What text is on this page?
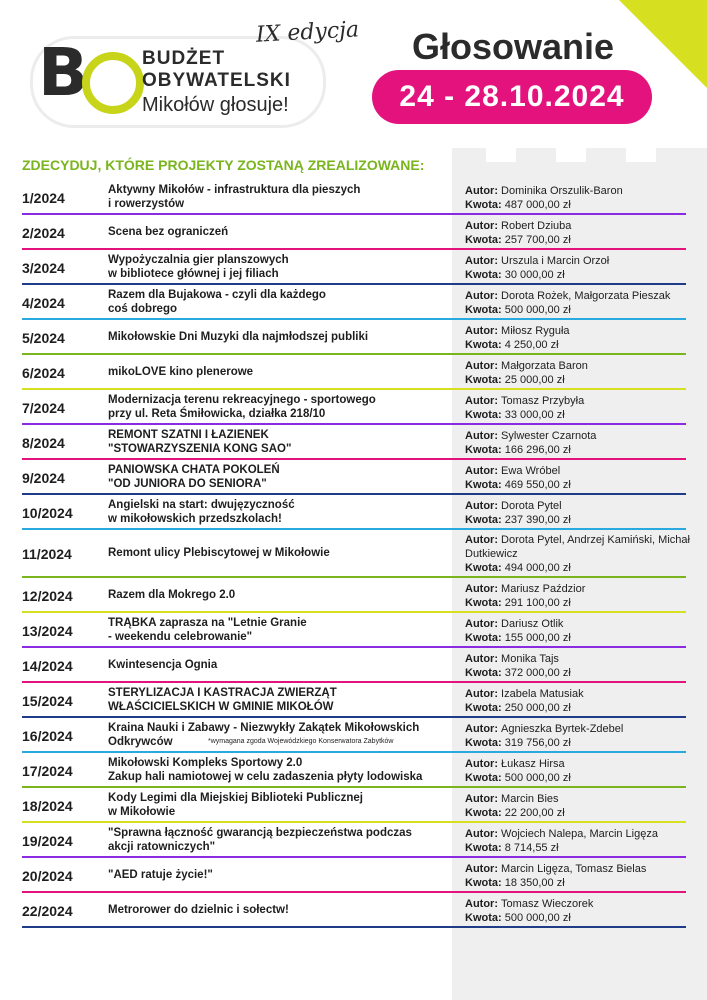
B	BUDŻET
OBYWATELSKI
Mikołów głosuje!
IX edycja Głosowanie
24 - 28.10.2024
ZDECYDUJ, KTÓRE PROJEKTY ZOSTANĄ ZREALIZOWANE:
1/2024	Aktywny Mikołów - infrastruktura dla pieszych
i rowerzystów
Autor: Dominika Orszulik-Baron
Kwota: 487 000,00 zł
2/2024	Scena bez ograniczeń
Autor: Robert Dziuba
Kwota: 257 700,00 zł
3/2024	Wypożyczalnia gier planszowych
w bibliotece głównej i jej filiach
Autor: Urszula i Marcin Orzoł
Kwota: 30 000,00 zł
4/2024	Razem dla Bujakowa - czyli dla każdego
coś dobrego
Autor: Dorota Rożek, Małgorzata Pieszak
Kwota: 500 000,00 zł
5/2024	Mikołowskie Dni Muzyki dla najmłodszej publiki
Autor: Miłosz Ryguła
Kwota: 4 250,00 zł
6/2024	mikoLOVE kino plenerowe
Autor: Małgorzata Baron
Kwota: 25 000,00 zł
7/2024	Modernizacja terenu rekreacyjnego - sportowego
przy ul. Reta Śmiłowicka, działka 218/10
Autor: Tomasz Przybyła
Kwota: 33 000,00 zł
8/2024	REMONT SZATNI I ŁAZIENEK
"STOWARZYSZENIA KONG SAO"
Autor: Sylwester Czarnota
Kwota: 166 296,00 zł
9/2024	PANIOWSKA CHATA POKOLEŃ
"OD JUNIORA DO SENIORA"
Autor: Ewa Wróbel
Kwota: 469 550,00 zł
10/2024	Angielski na start: dwujęzyczność
w mikołowskich przedszkolach!
Autor: Dorota Pytel
Kwota: 237 390,00 zł
11/2024	Remont ulicy Plebiscytowej w Mikołowie
Autor: Dorota Pytel, Andrzej Kamiński, Michał Dutkiewicz
Kwota: 494 000,00 zł
12/2024	Razem dla Mokrego 2.0
Autor: Mariusz Paździor
Kwota: 291 100,00 zł
13/2024	TRĄBKA zaprasza na "Letnie Granie
- weekendu celebrowanie"
Autor: Dariusz Otlik
Kwota: 155 000,00 zł
14/2024	Kwintesencja Ognia
Autor: Monika Tajs
Kwota: 372 000,00 zł
15/2024	STERYLIZACJA I KASTRACJA ZWIERZĄT
WŁAŚCICIELSKICH W GMINIE MIKOŁÓW
Autor: Izabela Matusiak
Kwota: 250 000,00 zł
16/2024	Kraina Nauki i Zabawy - Niezwykły Zakątek Mikołowskich
Odkrywców	*wymagana zgoda Wojewódzkiego Konserwatora Zabytków
Autor: Agnieszka Byrtek-Zdebel
Kwota: 319 756,00 zł
17/2024	Mikołowski Kompleks Sportowy 2.0
Zakup hali namiotowej w celu zadaszenia płyty lodowiska
Autor: Łukasz Hirsa
Kwota: 500 000,00 zł
18/2024	Kody Legimi dla Miejskiej Biblioteki Publicznej
w Mikołowie
Autor: Marcin Bies
Kwota: 22 200,00 zł
19/2024	"Sprawna łączność gwarancją bezpieczeństwa podczas
akcji ratowniczych"
Autor: Wojciech Nalepa, Marcin Ligęza
Kwota: 8 714,55 zł
20/2024	"AED ratuje życie!"
Autor: Marcin Ligęza, Tomasz Bielas
Kwota: 18 350,00 zł
22/2024	Metrorower do dzielnic i sołectw!
Autor: Tomasz Wieczorek
Kwota: 500 000,00 zł
